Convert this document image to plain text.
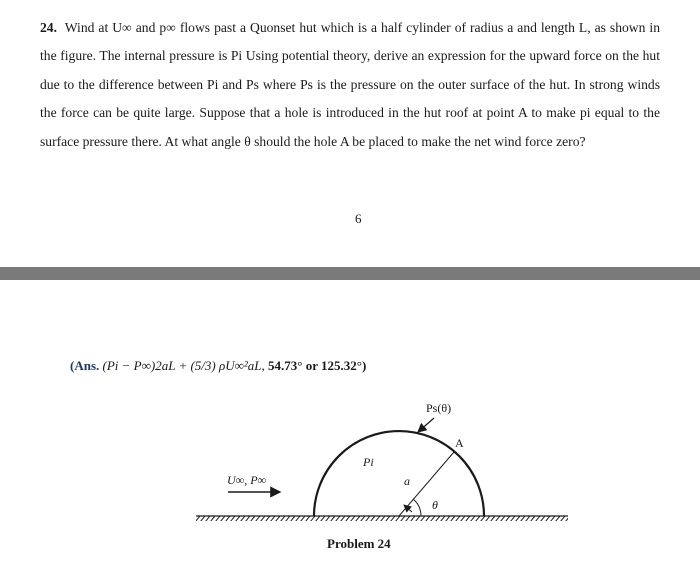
24. Wind at U∞ and p∞ flows past a Quonset hut which is a half cylinder of radius a and length L, as shown in the figure. The internal pressure is Pi Using potential theory, derive an expression for the upward force on the hut due to the difference between Pi and Ps where Ps is the pressure on the outer surface of the hut. In strong winds the force can be quite large. Suppose that a hole is introduced in the hut roof at point A to make pi equal to the surface pressure there. At what angle θ should the hole A be placed to make the net wind force zero?
6
(Ans. (Pi − P∞)2aL + (5/3) ρU∞²aL, 54.73° or 125.32°)
Ps(θ)
A
Pi
a
θ
U∞, P∞
Problem 24
